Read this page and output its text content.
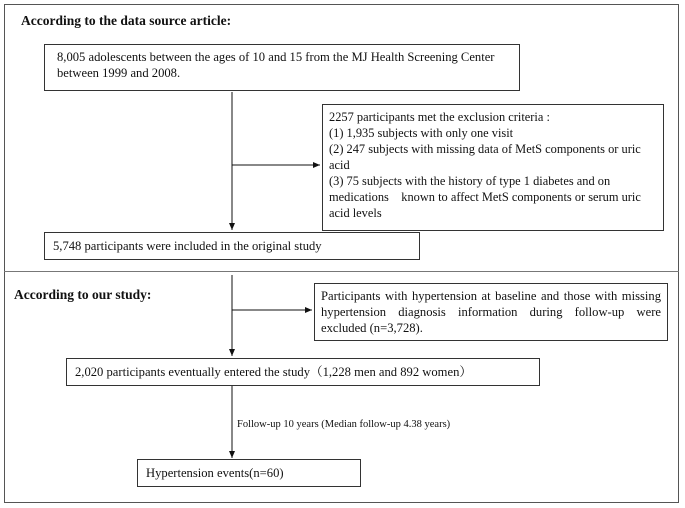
According to the data source article:

8,005 adolescents between the ages of 10 and 15 from the MJ Health Screening Center between 1999 and 2008.

2257 participants met the exclusion criteria :

(1) 1,935 subjects with only one visit

(2) 247 subjects with missing data of MetS components or uric acid

(3) 75 subjects with the history of type 1 diabetes and on medications    known to affect MetS components or serum uric acid levels

5,748 participants were included in the original study

According to our study:	Participants with hypertension at baseline and those with missing hypertension diagnosis information during follow-up were excluded (n=3,728).

2,020 participants eventually entered the study（1,228 men and 892 women）

Follow-up 10 years (Median follow-up 4.38 years)

Hypertension events(n=60)
